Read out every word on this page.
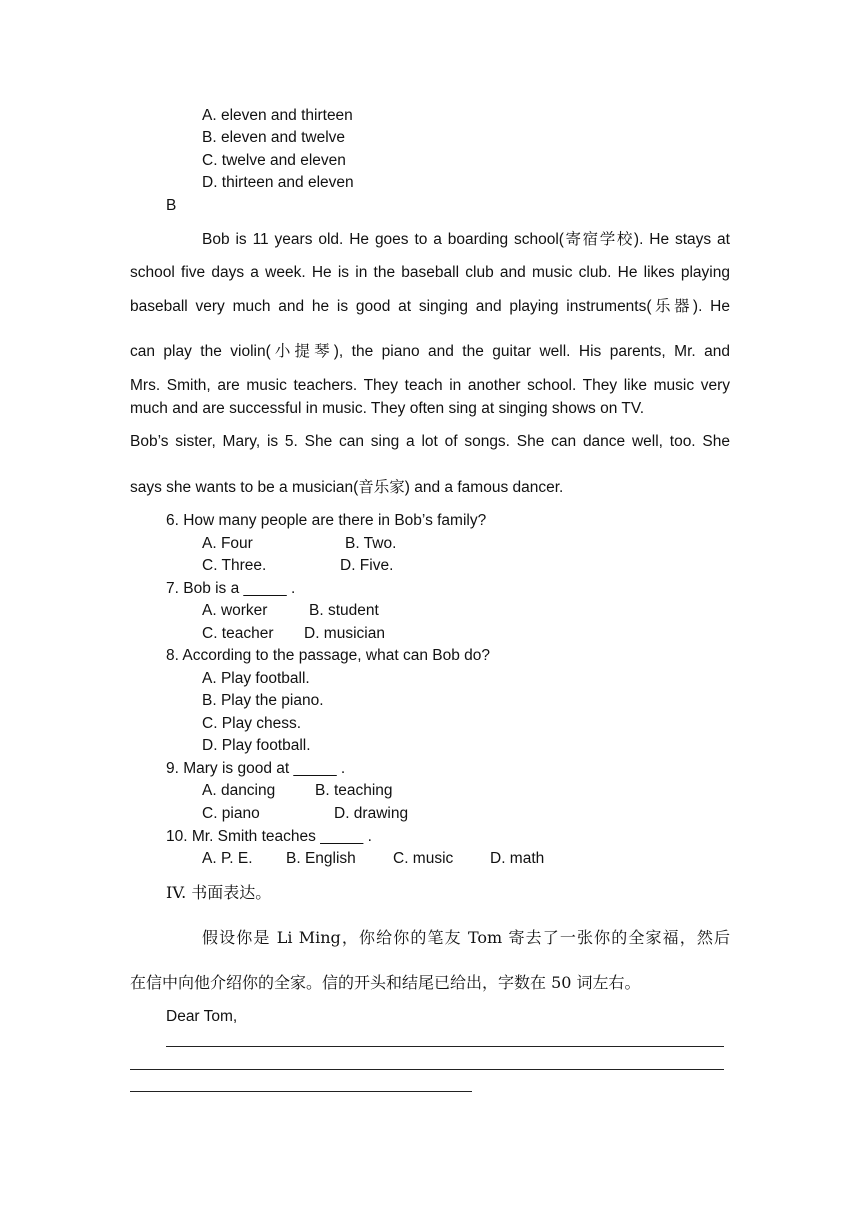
A. eleven and thirteen
B. eleven and twelve
C. twelve and eleven
D. thirteen and eleven
B
Bob is 11 years old. He goes to a boarding school(寄宿学校). He stays at
school five days a week. He is in the baseball club and music club. He likes playing
baseball very much and he is good at singing and playing instruments(乐器). He
can play the violin(小提琴), the piano and the guitar well. His parents, Mr. and
Mrs. Smith, are music teachers. They teach in another school. They like music very much and are successful in music. They often sing at singing shows on TV.
Bob’s sister, Mary, is 5. She can sing a lot of songs. She can dance well, too. She
says she wants to be a musician(音乐家) and a famous dancer.
6. How many people are there in Bob’s family?
A. Four	B. Two.
C. Three.	D. Five.
7. Bob is a _____ .
A. worker	B. student
C. teacher D. musician
8. According to the passage, what can Bob do?
A. Play football.
B. Play the piano.
C. Play chess.
D. Play football.
9. Mary is good at _____ .
A. dancing	B. teaching
C. piano	D. drawing
10. Mr. Smith teaches _____ .
A. P. E. B. English C. music D. math
IV. 书面表达。
假设你是 Li Ming，你给你的笔友 Tom 寄去了一张你的全家福，然后
在信中向他介绍你的全家。信的开头和结尾已给出，字数在 50 词左右。
Dear Tom,
